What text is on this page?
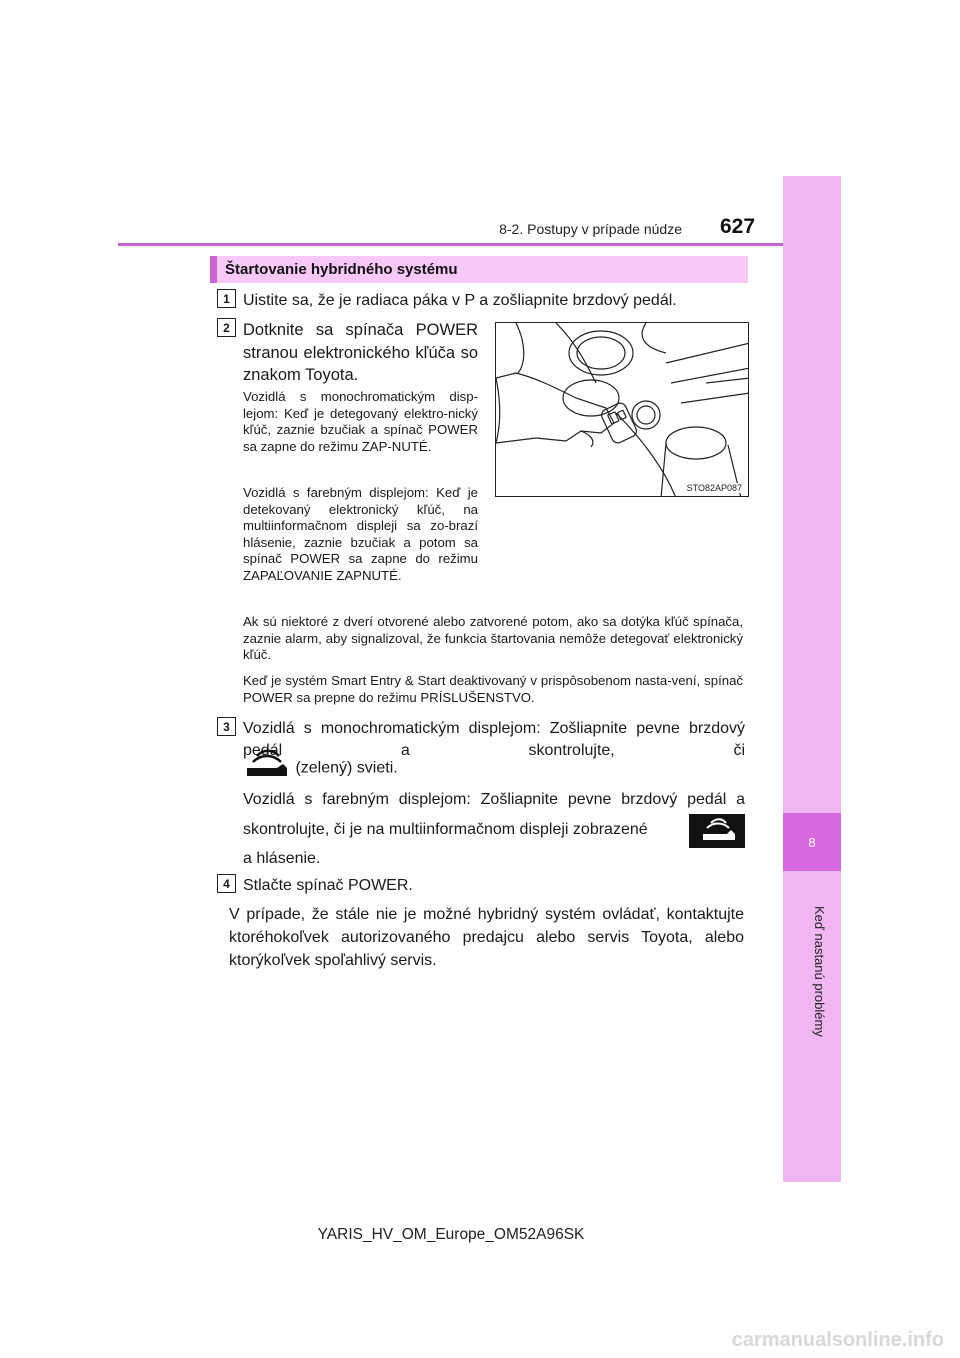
8
Keď nastanú problémy
8-2. Postupy v prípade núdze 627
Štartovanie hybridného systému
1 Uistite sa, že je radiaca páka v P a zošliapnite brzdový pedál.
2 Dotknite sa spínača POWER stranou elektronického kľúča so znakom Toyota.
Vozidlá s monochromatickým disp-lejom: Keď je detegovaný elektro-nický kľúč, zaznie bzučiak a spínač POWER sa zapne do režimu ZAP-NUTÉ.
Vozidlá s farebným displejom: Keď je detekovaný elektronický kľúč, na multiinformačnom displeji sa zo-brazí hlásenie, zaznie bzučiak a potom sa spínač POWER sa zapne do režimu ZAPAĽOVANIE ZAPNUTÉ.
STO82AP087
Ak sú niektoré z dverí otvorené alebo zatvorené potom, ako sa dotýka kľúč spínača, zaznie alarm, aby signalizoval, že funkcia štartovania nemôže detegovať elektronický kľúč.
Keď je systém Smart Entry & Start deaktivovaný v prispôsobenom nasta-vení, spínač POWER sa prepne do režimu PRÍSLUŠENSTVO.
3 Vozidlá s monochromatickým displejom: Zošliapnite pevne brzdový pedál a skontrolujte, či
(zelený) svieti.
Vozidlá s farebným displejom: Zošliapnite pevne brzdový pedál a skontrolujte, či je na multiinformačnom displeji zobrazené
a hlásenie.
4 Stlačte spínač POWER.
V prípade, že stále nie je možné hybridný systém ovládať, kontaktujte ktoréhokoľvek autorizovaného predajcu alebo servis Toyota, alebo ktorýkoľvek spoľahlivý servis.
YARIS_HV_OM_Europe_OM52A96SK
carmanualsonline.info
